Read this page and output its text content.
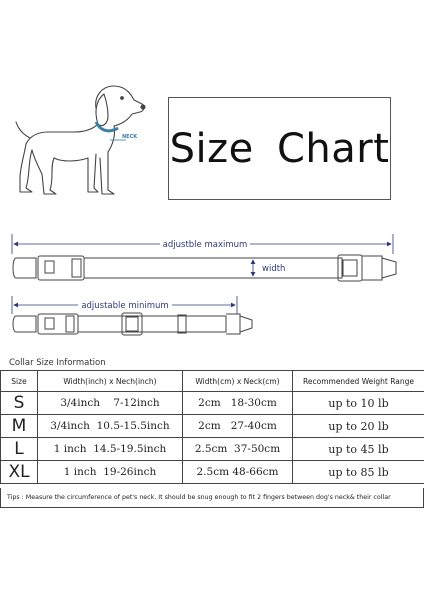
NECK Size Chart
adjustble maximum
width
adjustable minimum
Collar Size Information
Size	Width(inch) x Nech(inch)	Width(cm) x Neck(cm)	Recommended Weight Range
S	3/4inch    7-12inch	2cm   18-30cm	up to 10 lb
M	3/4inch  10.5-15.5inch	2cm   27-40cm	up to 20 lb
L	1 inch  14.5-19.5inch	2.5cm  37-50cm	up to 45 lb
XL	1 inch  19-26inch	2.5cm 48-66cm	up to 85 lb
Tips : Measure the circumference of pet's neck. It should be snug enough to fit 2 fingers between dog's neck& their collar
